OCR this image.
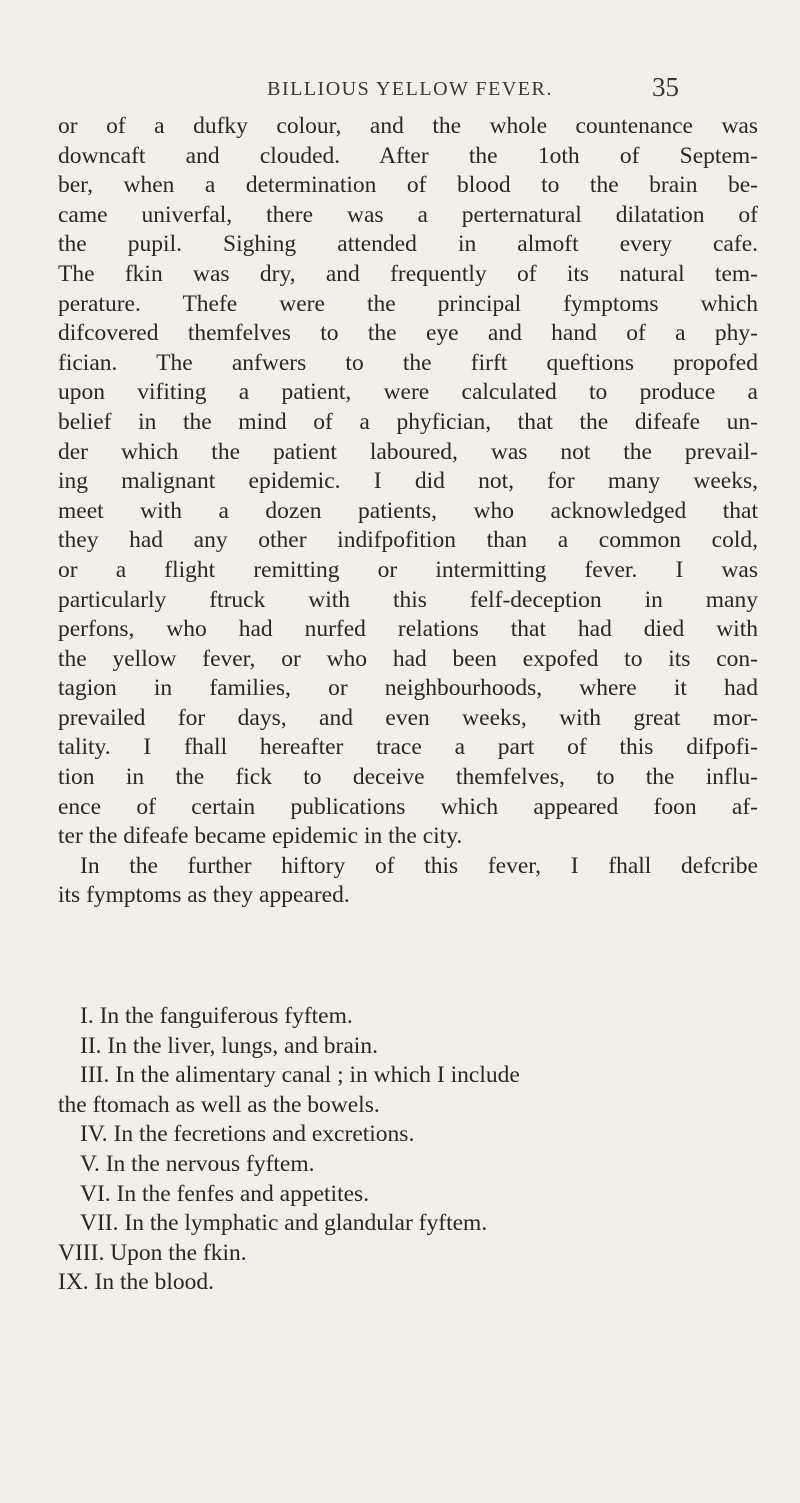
BILLIOUS YELLOW FEVER.	35
or of a dufky colour, and the whole countenance was
downcaft and clouded. After the 1oth of Septem-
ber, when a determination of blood to the brain be-
came univerfal, there was a perternatural dilatation of
the pupil. Sighing attended in almoft every cafe.
The fkin was dry, and frequently of its natural tem-
perature. Thefe were the principal fymptoms which
difcovered themfelves to the eye and hand of a phy-
fician. The anfwers to the firft queftions propofed
upon vifiting a patient, were calculated to produce a
belief in the mind of a phyfician, that the difeafe un-
der which the patient laboured, was not the prevail-
ing malignant epidemic. I did not, for many weeks,
meet with a dozen patients, who acknowledged that
they had any other indifpofition than a common cold,
or a flight remitting or intermitting fever. I was
particularly ftruck with this felf-deception in many
perfons, who had nurfed relations that had died with
the yellow fever, or who had been expofed to its con-
tagion in families, or neighbourhoods, where it had
prevailed for days, and even weeks, with great mor-
tality. I fhall hereafter trace a part of this difpofi-
tion in the fick to deceive themfelves, to the influ-
ence of certain publications which appeared foon af-
ter the difeafe became epidemic in the city.
In the further hiftory of this fever, I fhall defcribe
its fymptoms as they appeared.
I. In the fanguiferous fyftem.
II. In the liver, lungs, and brain.
III. In the alimentary canal ; in which I include
the ftomach as well as the bowels.
IV. In the fecretions and excretions.
V. In the nervous fyftem.
VI. In the fenfes and appetites.
VII. In the lymphatic and glandular fyftem.
VIII. Upon the fkin.
IX. In the blood.
